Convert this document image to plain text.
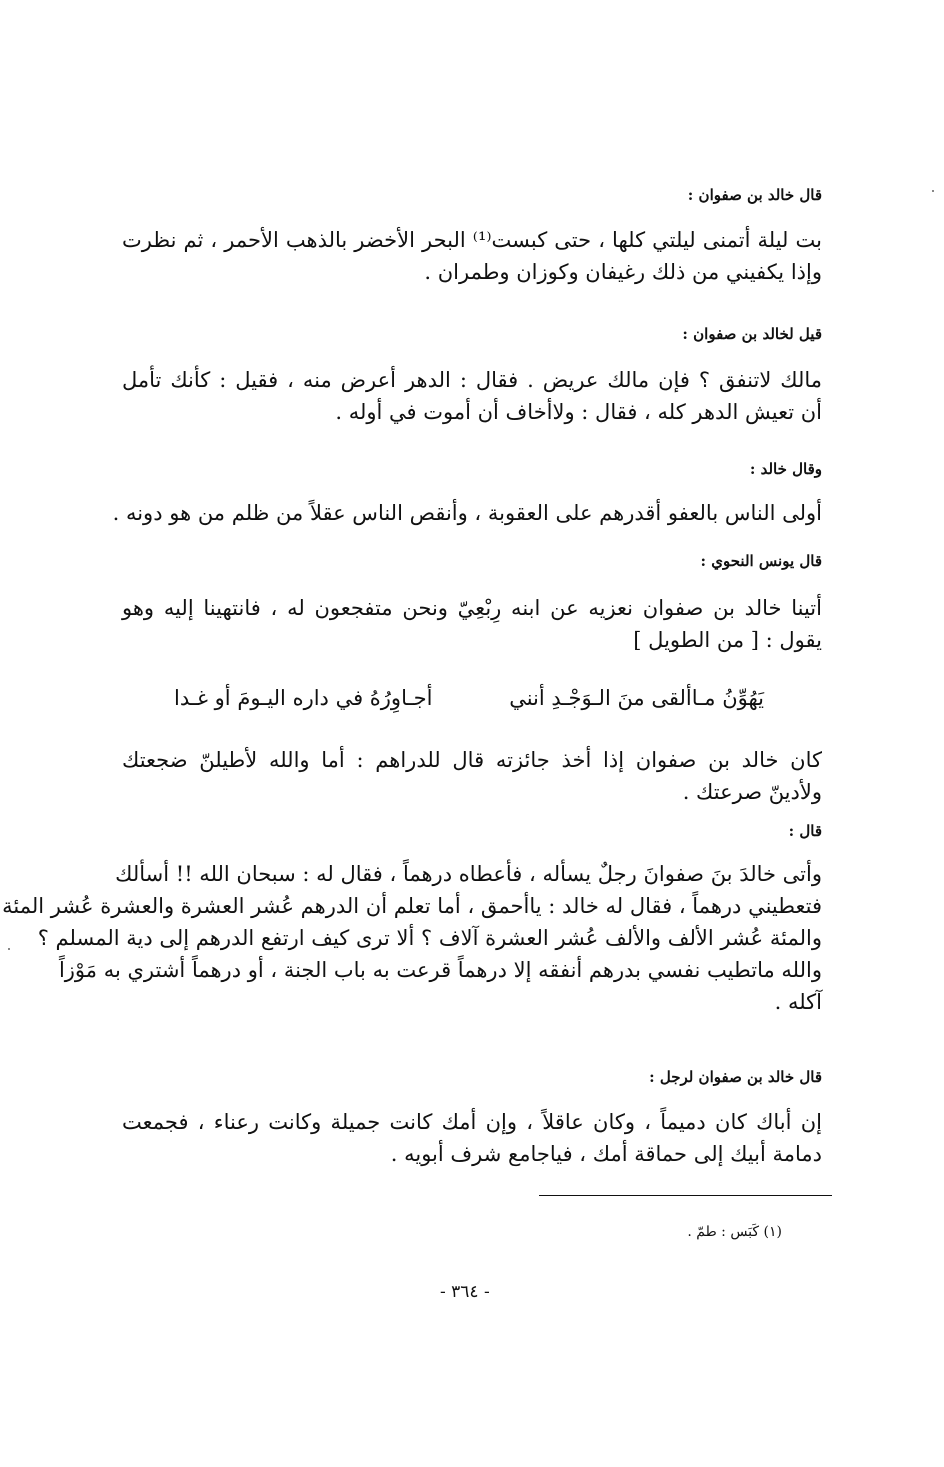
قال خالد بن صفوان :
بت ليلة أتمنى ليلتي كلها ، حتى كبست⁽¹⁾ البحر الأخضر بالذهب الأحمر ، ثم نظرت
وإذا يكفيني من ذلك رغيفان وكوزان وطمران .
قيل لخالد بن صفوان :
مالك لاتنفق ؟ فإن مالك عريض . فقال : الدهر أعرض منه ، فقيل : كأنك تأمل
أن تعيش الدهر كله ، فقال : ولاأخاف أن أموت في أوله .
وقال خالد :
أولى الناس بالعفو أقدرهم على العقوبة ، وأنقص الناس عقلاً من ظلم من هو دونه .
قال يونس النحوي :
أتينا خالد بن صفوان نعزيه عن ابنه رِبْعِيّ ونحن متفجعون له ، فانتهينا إليه وهو
يقول : [ من الطويل ]
يَهُوِّنُ مـاألقى منَ الـوَجْـدِ أنني
أجـاوِرُهُ في داره اليـومَ أو غـدا
كان خالد بن صفوان إذا أخذ جائزته قال للدراهم : أما والله لأطيلنّ ضجعتك
ولأدينّ صرعتك .
قال :
وأتى خالدَ بنَ صفوانَ رجلٌ يسأله ، فأعطاه درهماً ، فقال له : سبحان الله !! أسألك
فتعطيني درهماً ، فقال له خالد : ياأحمق ، أما تعلم أن الدرهم عُشر العشرة والعشرة عُشر المئة
والمئة عُشر الألف والألف عُشر العشرة آلاف ؟ ألا ترى كيف ارتفع الدرهم إلى دية المسلم ؟
والله ماتطيب نفسي بدرهم أنفقه إلا درهماً قرعت به باب الجنة ، أو درهماً أشتري به مَوْزاً
آكله .
قال خالد بن صفوان لرجل :
إن أباك كان دميماً ، وكان عاقلاً ، وإن أمك كانت جميلة وكانت رعناء ، فجمعت
دمامة أبيك إلى حماقة أمك ، فياجامع شرف أبويه .
(١) كَبَس : طمّ .
- ٣٦٤ -
